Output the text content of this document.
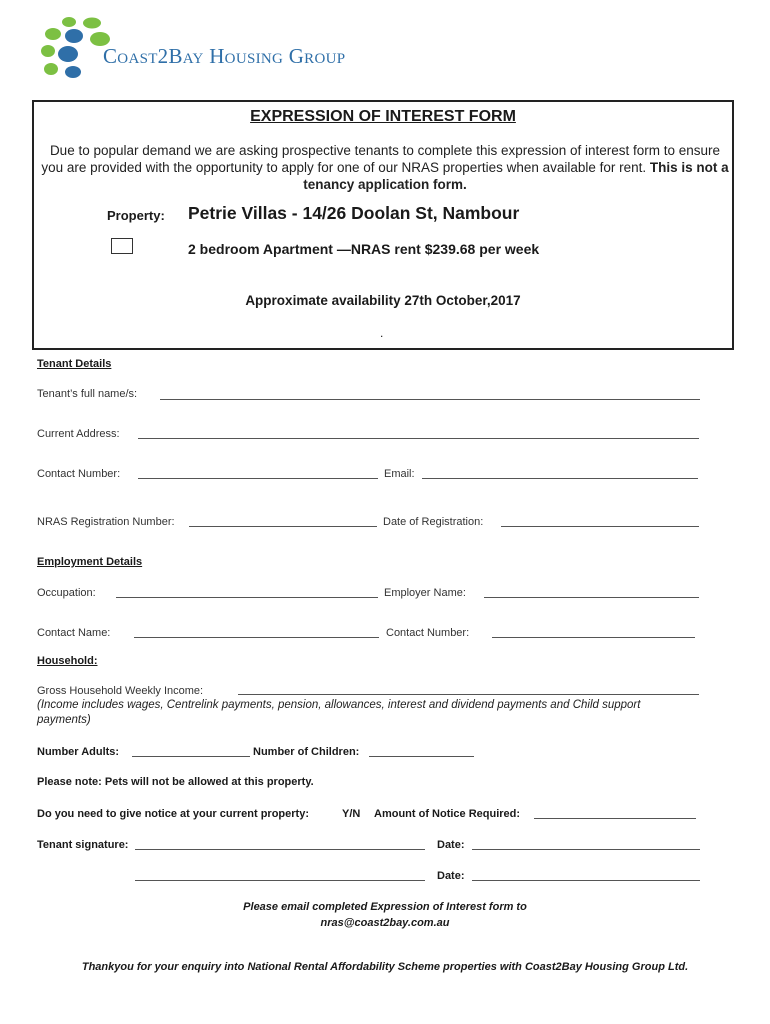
Coast2Bay Housing Group
EXPRESSION OF INTEREST FORM
Due to popular demand we are asking prospective tenants to complete this expression of interest form to ensure you are provided with the opportunity to apply for one of our NRAS properties when available for rent. This is not a tenancy application form.
Property: Petrie Villas - 14/26 Doolan St, Nambour
2 bedroom Apartment —NRAS rent $239.68 per week
Approximate availability 27th October,2017
.
Tenant Details
Tenant’s full name/s:
Current Address:
Contact Number:	Email:
NRAS Registration Number:	Date of Registration:
Employment Details
Occupation:	Employer Name:
Contact Name:	Contact Number:
Household:
Gross Household Weekly Income:
(Income includes wages, Centrelink payments, pension, allowances, interest and dividend payments and Child support payments)
Number Adults:	Number of Children:
Please note: Pets will not be allowed at this property.
Do you need to give notice at your current property:	Y/N Amount of Notice Required:
Tenant signature:	Date:
Date:
Please email completed Expression of Interest form to
nras@coast2bay.com.au
Thankyou for your enquiry into National Rental Affordability Scheme properties with Coast2Bay Housing Group Ltd.
